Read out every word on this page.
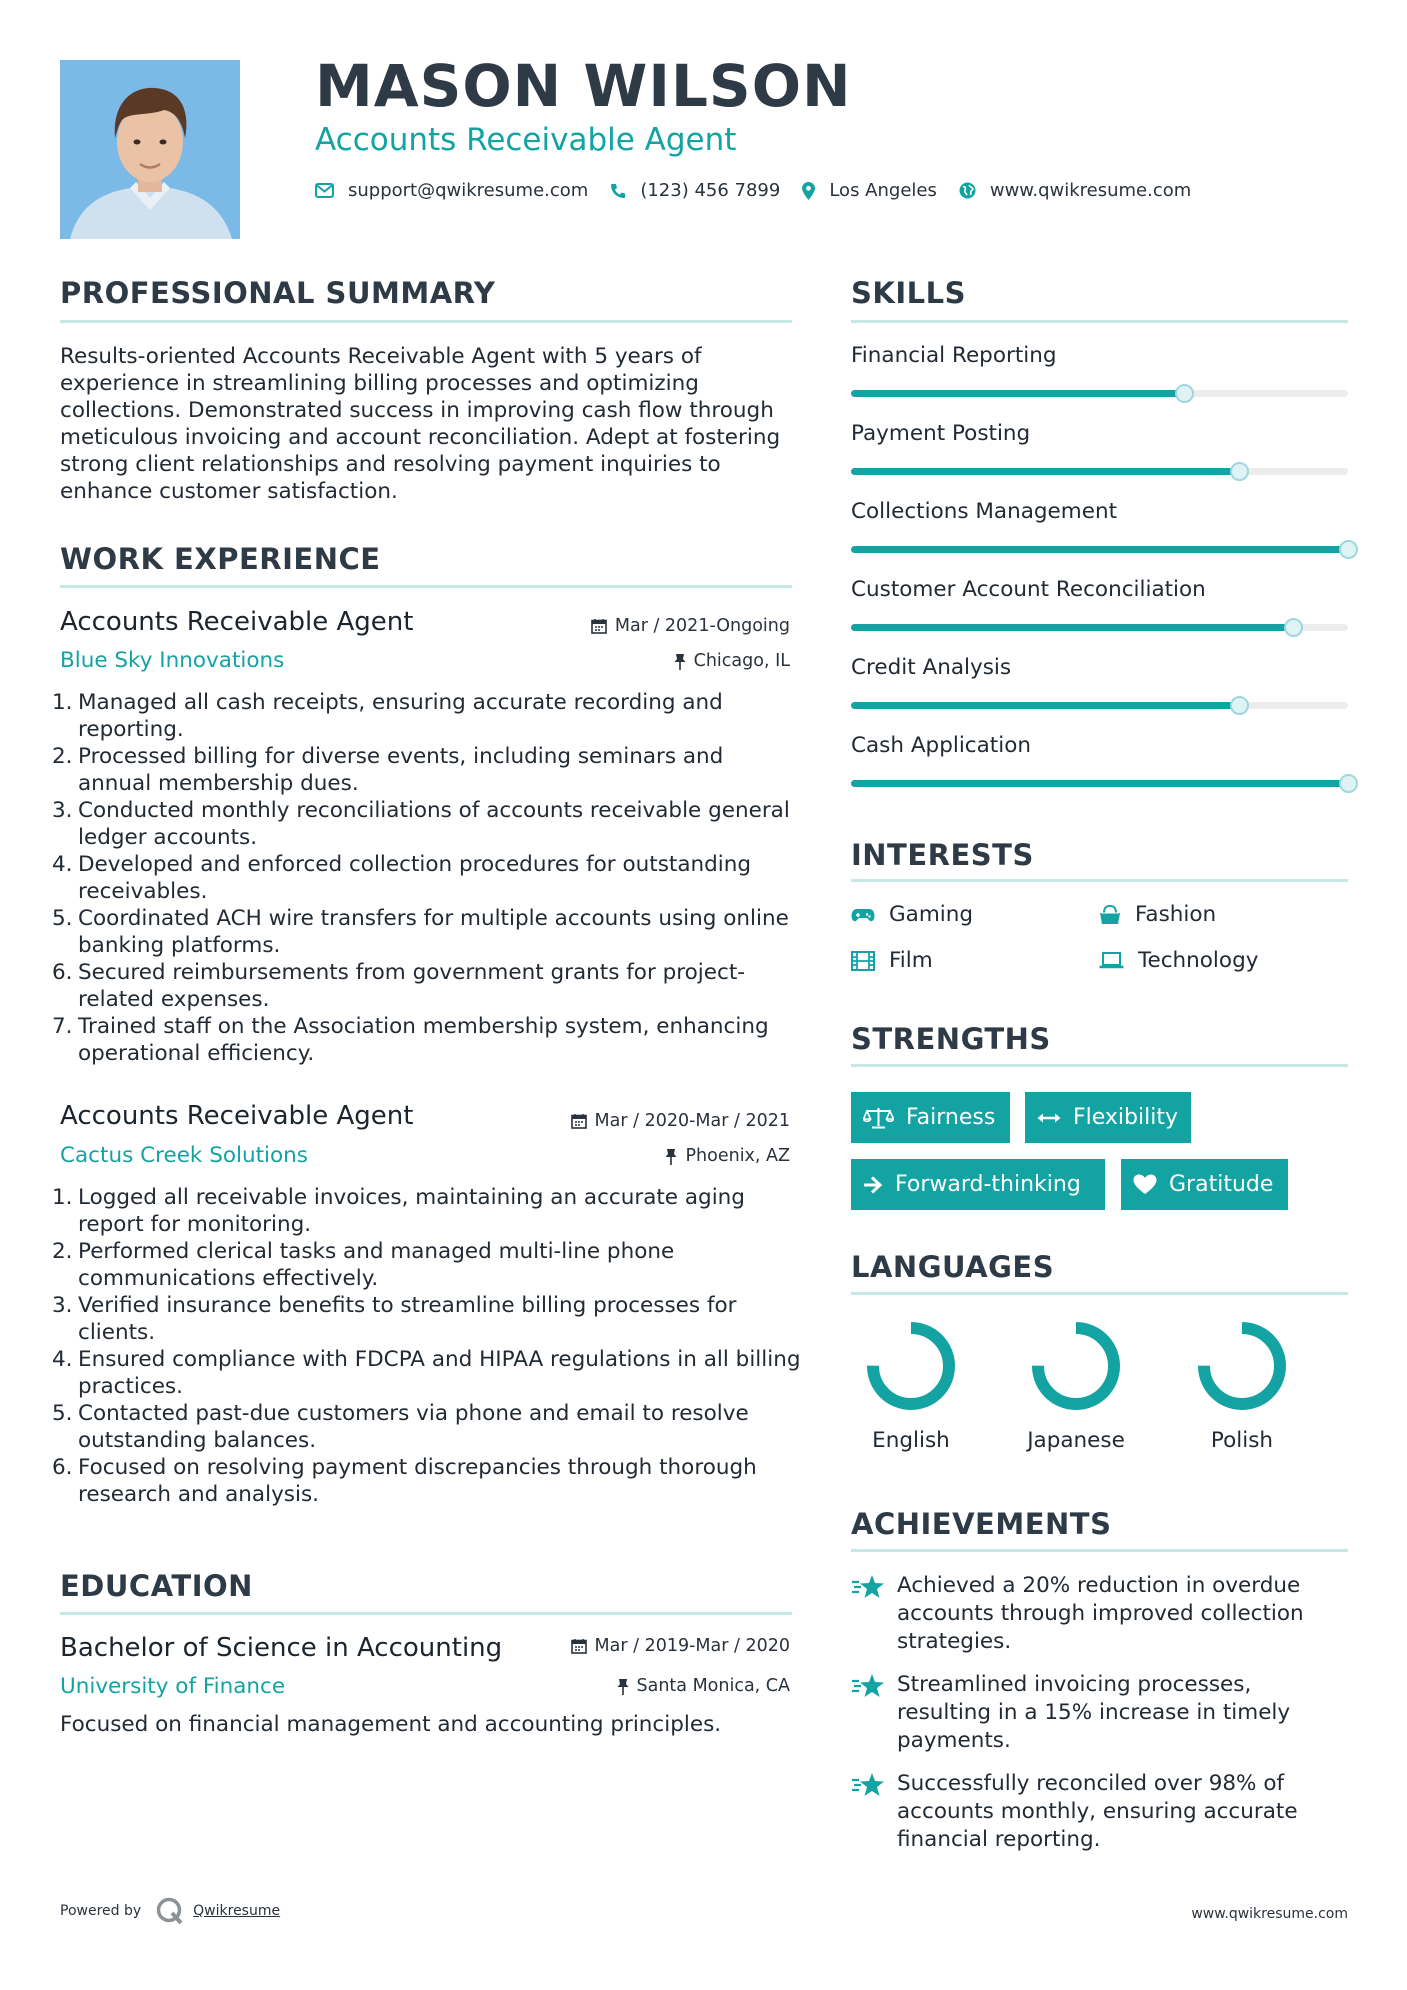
MASON WILSON
Accounts Receivable Agent
support@qwikresume.com	(123) 456 7899	Los Angeles	www.qwikresume.com
PROFESSIONAL SUMMARY
Results-oriented Accounts Receivable Agent with 5 years of experience in streamlining billing processes and optimizing collections. Demonstrated success in improving cash flow through meticulous invoicing and account reconciliation. Adept at fostering strong client relationships and resolving payment inquiries to enhance customer satisfaction.
WORK EXPERIENCE
Accounts Receivable Agent	Mar / 2021-Ongoing
Blue Sky Innovations	Chicago, IL
1. Managed all cash receipts, ensuring accurate recording and reporting.
2. Processed billing for diverse events, including seminars and annual membership dues.
3. Conducted monthly reconciliations of accounts receivable general ledger accounts.
4. Developed and enforced collection procedures for outstanding receivables.
5. Coordinated ACH wire transfers for multiple accounts using online banking platforms.
6. Secured reimbursements from government grants for project-related expenses.
7. Trained staff on the Association membership system, enhancing operational efficiency.
Accounts Receivable Agent	Mar / 2020-Mar / 2021
Cactus Creek Solutions	Phoenix, AZ
1. Logged all receivable invoices, maintaining an accurate aging report for monitoring.
2. Performed clerical tasks and managed multi-line phone communications effectively.
3. Verified insurance benefits to streamline billing processes for clients.
4. Ensured compliance with FDCPA and HIPAA regulations in all billing practices.
5. Contacted past-due customers via phone and email to resolve outstanding balances.
6. Focused on resolving payment discrepancies through thorough research and analysis.
EDUCATION
Bachelor of Science in Accounting	Mar / 2019-Mar / 2020
University of Finance	Santa Monica, CA
Focused on financial management and accounting principles.
SKILLS
Financial Reporting
Payment Posting
Collections Management
Customer Account Reconciliation
Credit Analysis
Cash Application
INTERESTS
Gaming	Fashion
Film	Technology
STRENGTHS
Fairness	Flexibility
Forward-thinking	Gratitude
LANGUAGES
English	Japanese	Polish
ACHIEVEMENTS
Achieved a 20% reduction in overdue accounts through improved collection strategies.
Streamlined invoicing processes, resulting in a 15% increase in timely payments.
Successfully reconciled over 98% of accounts monthly, ensuring accurate financial reporting.
Powered by	Qwikresume	www.qwikresume.com
